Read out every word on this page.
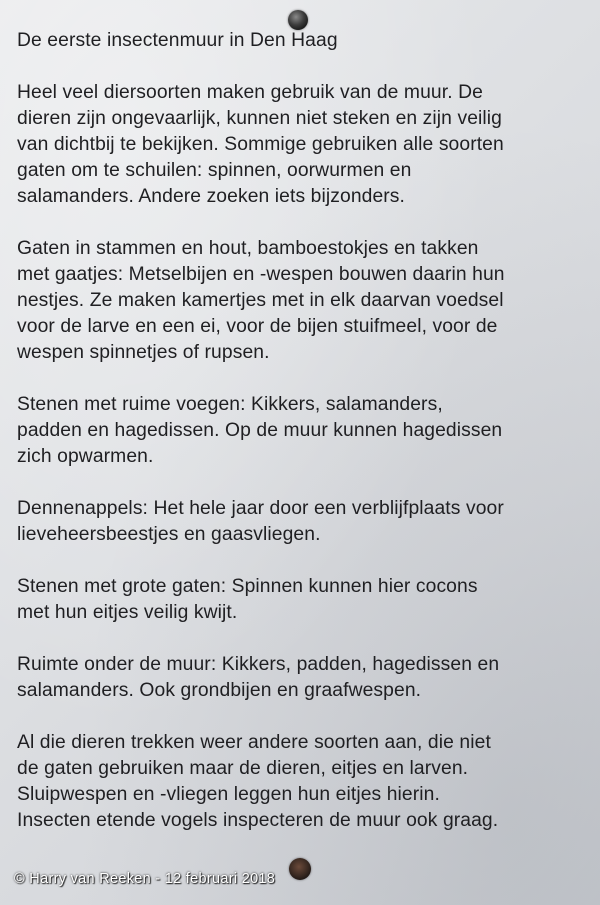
De eerste insectenmuur in Den Haag
Heel veel diersoorten maken gebruik van de muur. De
dieren zijn ongevaarlijk, kunnen niet steken en zijn veilig
van dichtbij te bekijken. Sommige gebruiken alle soorten
gaten om te schuilen: spinnen, oorwurmen en
salamanders. Andere zoeken iets bijzonders.
Gaten in stammen en hout, bamboestokjes en takken
met gaatjes: Metselbijen en -wespen bouwen daarin hun
nestjes. Ze maken kamertjes met in elk daarvan voedsel
voor de larve en een ei, voor de bijen stuifmeel, voor de
wespen spinnetjes of rupsen.
Stenen met ruime voegen: Kikkers, salamanders,
padden en hagedissen. Op de muur kunnen hagedissen
zich opwarmen.
Dennenappels: Het hele jaar door een verblijfplaats voor
lieveheersbeestjes en gaasvliegen.
Stenen met grote gaten: Spinnen kunnen hier cocons
met hun eitjes veilig kwijt.
Ruimte onder de muur: Kikkers, padden, hagedissen en
salamanders. Ook grondbijen en graafwespen.
Al die dieren trekken weer andere soorten aan, die niet
de gaten gebruiken maar de dieren, eitjes en larven.
Sluipwespen en -vliegen leggen hun eitjes hierin.
Insecten etende vogels inspecteren de muur ook graag.
© Harry van Reeken - 12 februari 2018
